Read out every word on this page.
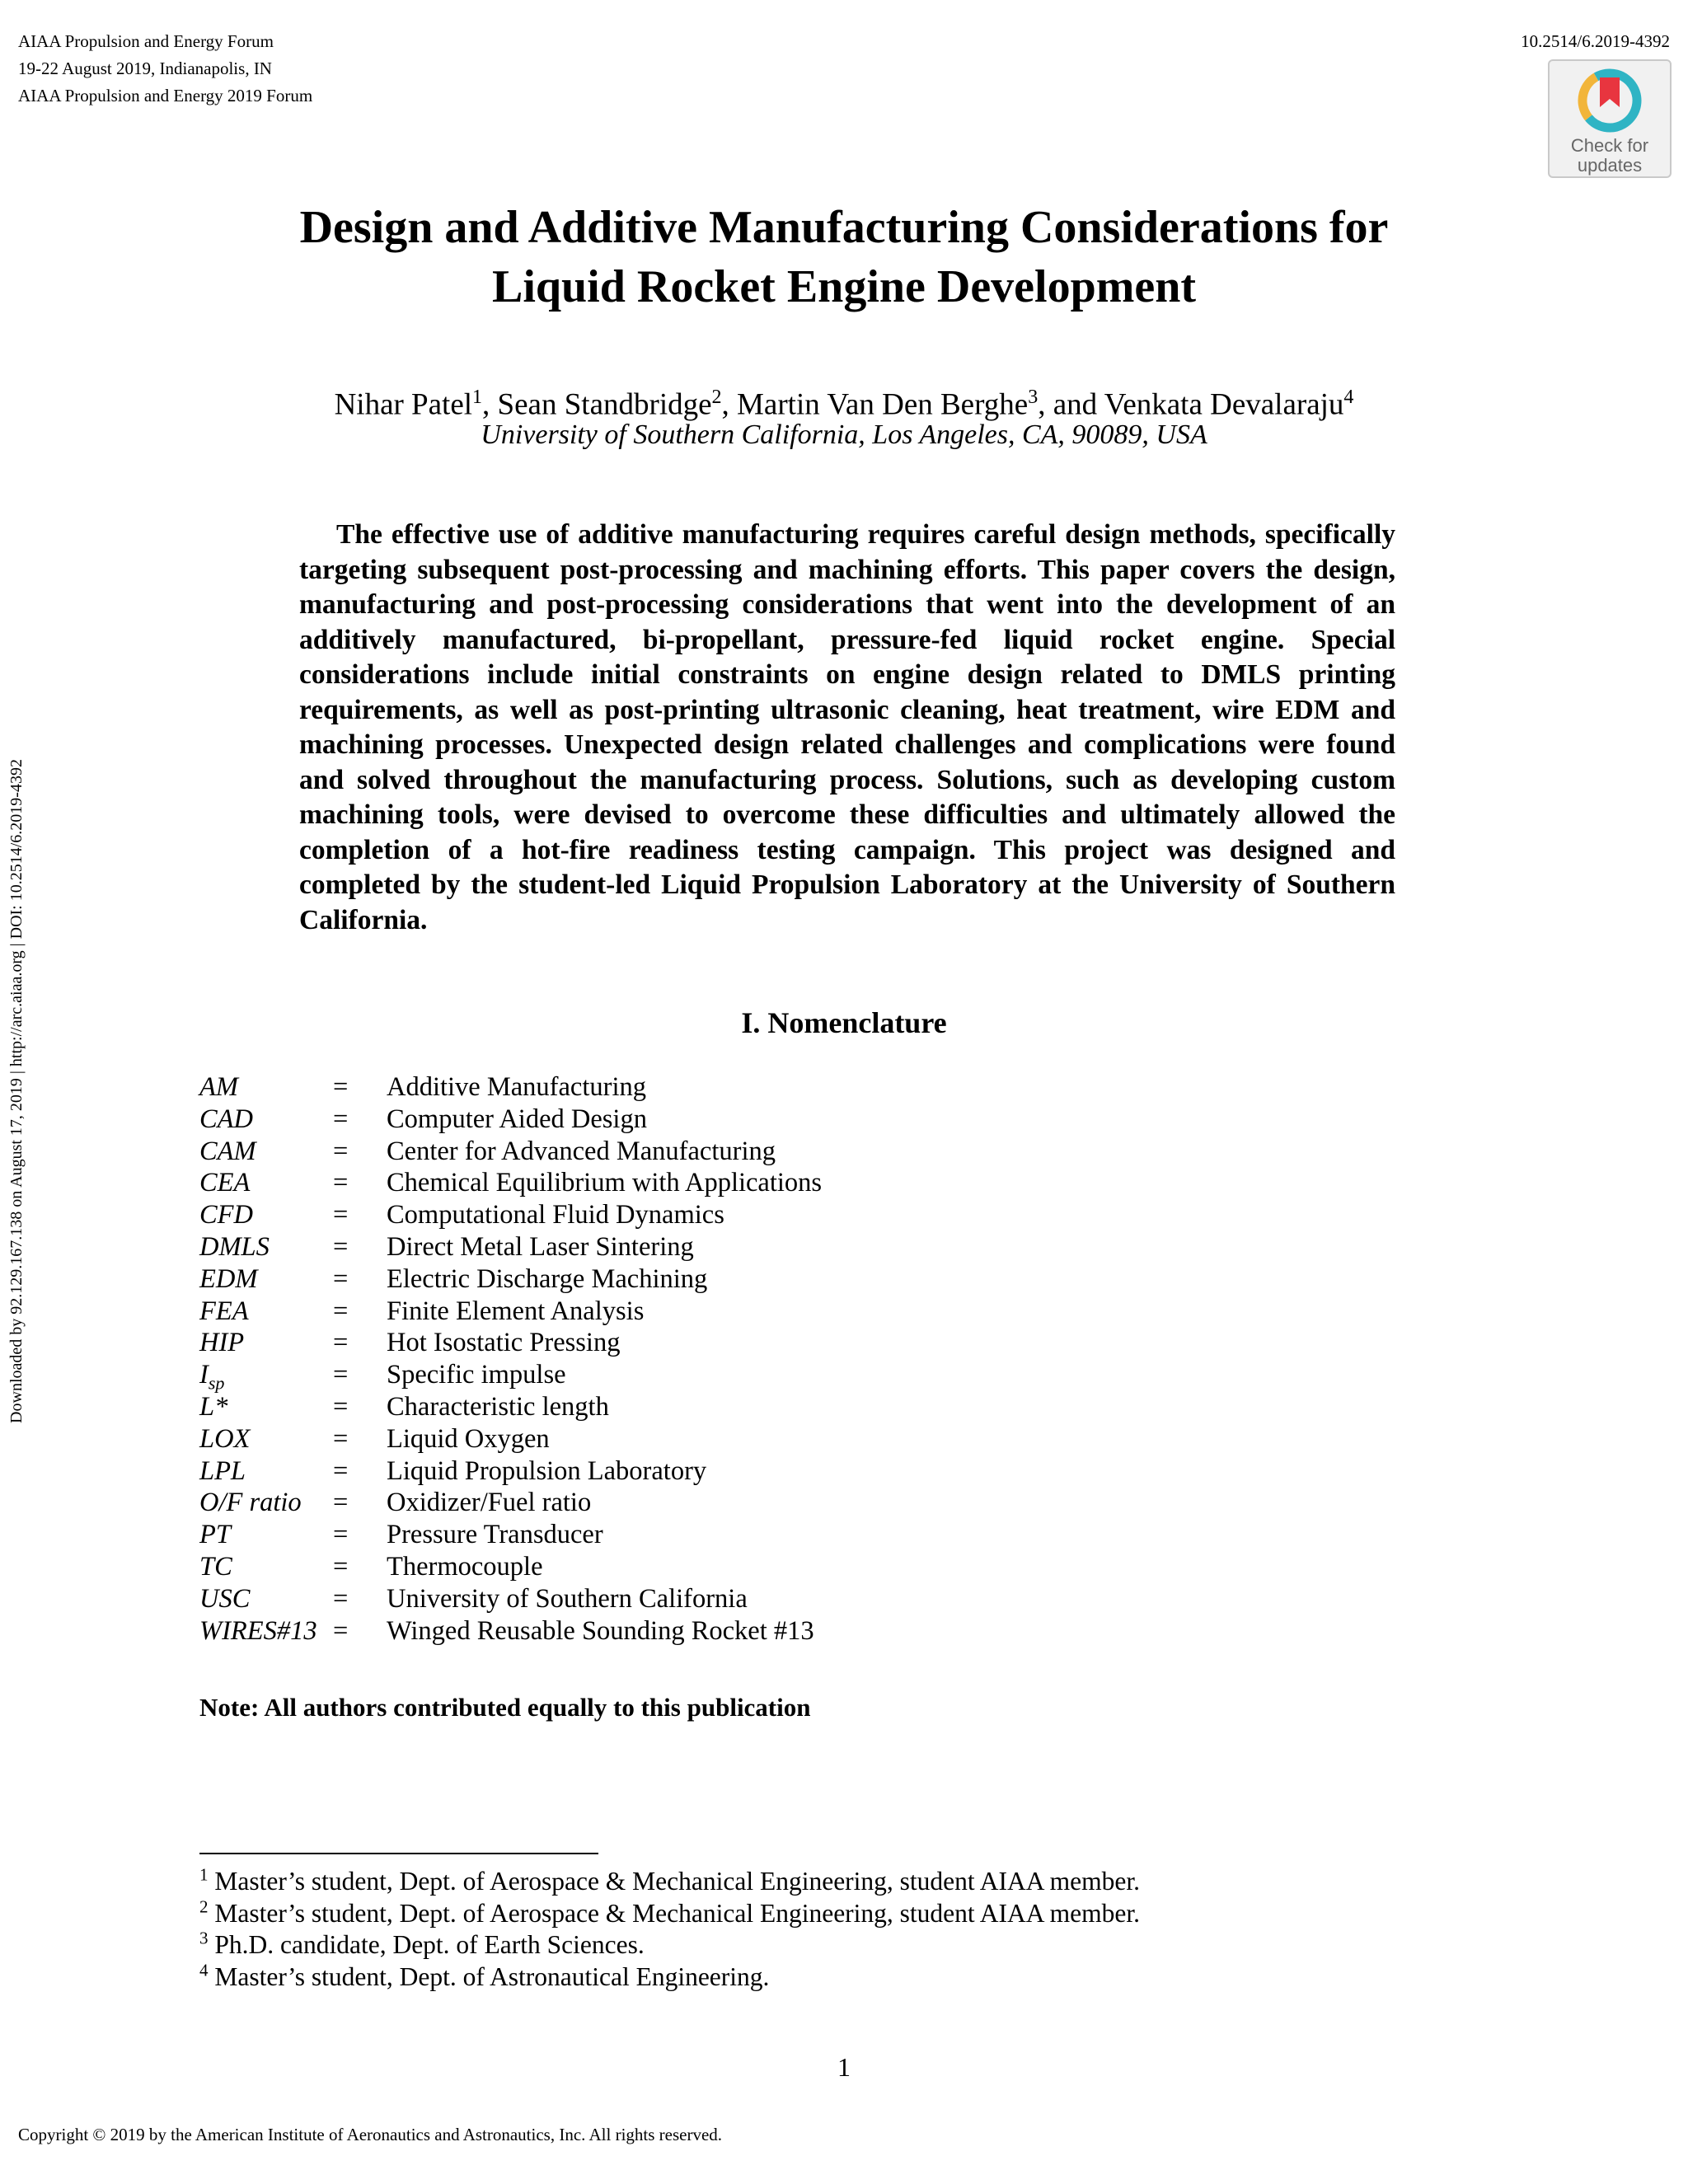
Downloaded by 92.129.167.138 on August 17, 2019 | http://arc.aiaa.org | DOI: 10.2514/6.2019-4392
AIAA Propulsion and Energy Forum
19-22 August 2019, Indianapolis, IN
AIAA Propulsion and Energy 2019 Forum
10.2514/6.2019-4392
Check for
updates
Design and Additive Manufacturing Considerations for
Liquid Rocket Engine Development
Nihar Patel$^1$, Sean Standbridge$^2$, Martin Van Den Berghe$^3$, and Venkata Devalaraju$^4$
University of Southern California, Los Angeles, CA, 90089, USA
The effective use of additive manufacturing requires careful design methods, specifically targeting subsequent post-processing and machining efforts. This paper covers the design, manufacturing and post-processing considerations that went into the development of an additively manufactured, bi-propellant, pressure-fed liquid rocket engine. Special considerations include initial constraints on engine design related to DMLS printing requirements, as well as post-printing ultrasonic cleaning, heat treatment, wire EDM and machining processes. Unexpected design related challenges and complications were found and solved throughout the manufacturing process. Solutions, such as developing custom machining tools, were devised to overcome these difficulties and ultimately allowed the completion of a hot-fire readiness testing campaign. This project was designed and completed by the student-led Liquid Propulsion Laboratory at the University of Southern California.
I. Nomenclature
AM	= Additive Manufacturing
CAD	= Computer Aided Design
CAM	= Center for Advanced Manufacturing
CEA	= Chemical Equilibrium with Applications
CFD	= Computational Fluid Dynamics
DMLS = Direct Metal Laser Sintering
EDM	= Electric Discharge Machining
FEA	= Finite Element Analysis
HIP	= Hot Isostatic Pressing
$I_{sp}$	= Specific impulse
L*	= Characteristic length
LOX	= Liquid Oxygen
LPL	= Liquid Propulsion Laboratory
O/F ratio = Oxidizer/Fuel ratio
PT	= Pressure Transducer
TC	= Thermocouple
USC	= University of Southern California
WIRES#13 = Winged Reusable Sounding Rocket #13
Note: All authors contributed equally to this publication
$^1$ Master’s student, Dept. of Aerospace & Mechanical Engineering, student AIAA member.
$^2$ Master’s student, Dept. of Aerospace & Mechanical Engineering, student AIAA member.
$^3$ Ph.D. candidate, Dept. of Earth Sciences.
$^4$ Master’s student, Dept. of Astronautical Engineering.
1
Copyright © 2019 by the American Institute of Aeronautics and Astronautics, Inc. All rights reserved.
